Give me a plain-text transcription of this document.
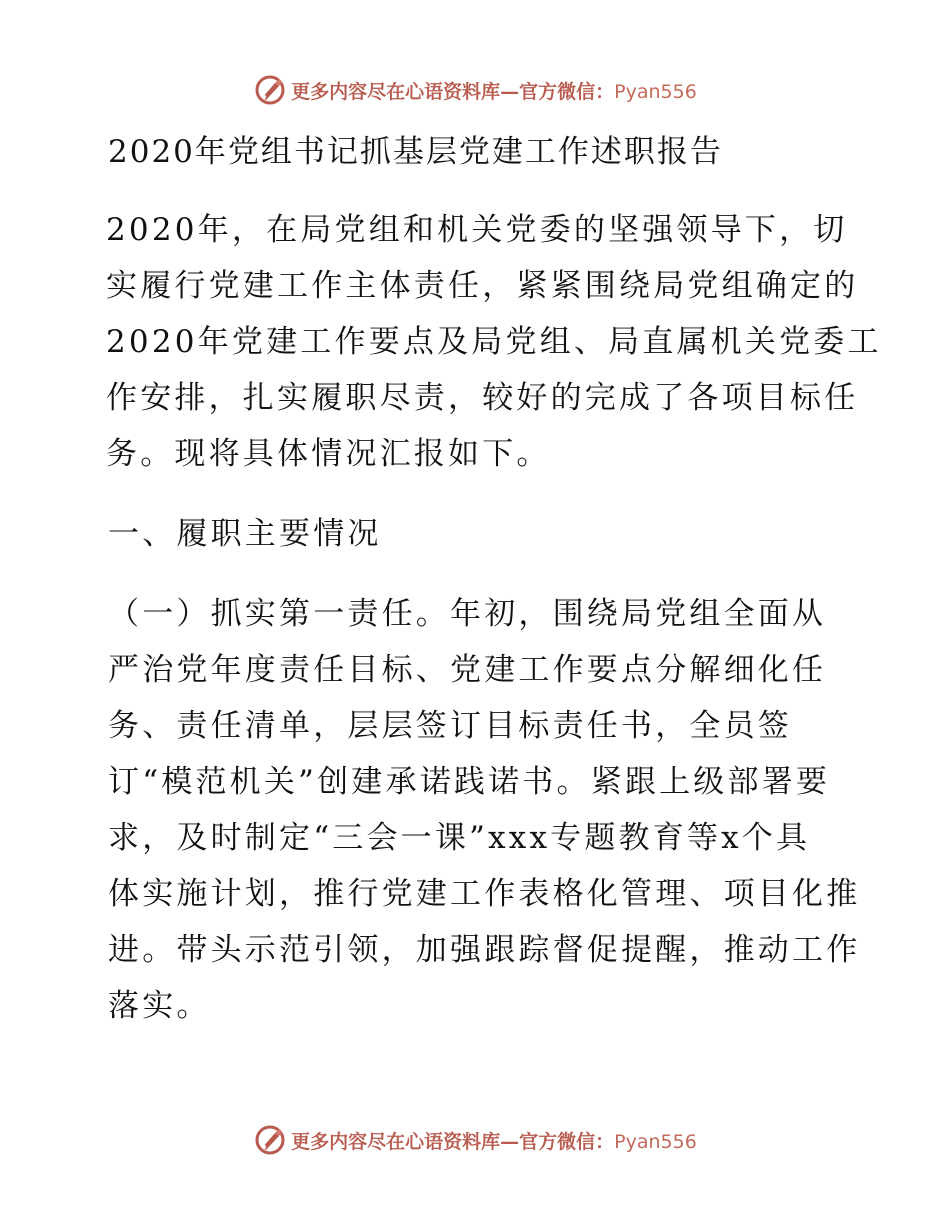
更多内容尽在心语资料库—官方微信：Pyan556
2020年党组书记抓基层党建工作述职报告

2020年，在局党组和机关党委的坚强领导下，切
实履行党建工作主体责任，紧紧围绕局党组确定的
2020年党建工作要点及局党组、局直属机关党委工
作安排，扎实履职尽责，较好的完成了各项目标任
务。现将具体情况汇报如下。

一、履职主要情况

（一）抓实第一责任。年初，围绕局党组全面从
严治党年度责任目标、党建工作要点分解细化任
务、责任清单，层层签订目标责任书，全员签
订“模范机关”创建承诺践诺书。紧跟上级部署要
求，及时制定“三会一课”xxx专题教育等x个具
体实施计划，推行党建工作表格化管理、项目化推
进。带头示范引领，加强跟踪督促提醒，推动工作
落实。

更多内容尽在心语资料库—官方微信：Pyan556
